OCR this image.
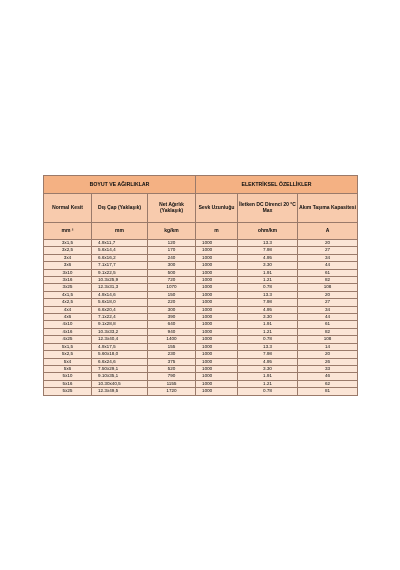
BOYUT VE AĞIRLIKLAR			ELEKTRİKSEL ÖZELLİKLER		
Normal Kesit	Dış Çap (Yaklaşık)	Net Ağırlık (Yaklaşık)	Sevk Uzunluğu	İletken DC Direnci 20 °C Max	Akım Taşıma Kapasitesi
mm ²	mm	kg/km	m	ohm/km	A
3x1,5	4.9x11,7	120	1000	13.3	20
3x2,5	5.6x14,4	170	1000	7.98	27
3x4	6.6x16,2	240	1000	4.95	34
3x6	7.1x17,7	300	1000	3.30	44
3x10	9.1x22,5	500	1000	1.91	61
3x16	10.3x25,9	720	1000	1.21	82
3x25	12.3x31,3	1070	1000	0.78	108
4x1,5	4.9x14,6	150	1000	13.3	20
4x2,5	5.6x18,0	220	1000	7.98	27
4x4	6.6x20,4	300	1000	4.95	34
4x6	7.1x22,4	390	1000	3.30	44
4x10	9.1x28,8	640	1000	1.91	61
4x16	10.3x33,2	940	1000	1.21	82
4x25	12.3x40,4	1400	1000	0.78	108
5x1,5	4.9x17,5	155	1000	13.3	14
5x2,5	5.60x18,0	230	1000	7.98	20
5x4	6.6x24,6	375	1000	4.95	26
5x6	7.50x29,1	520	1000	3.30	33
5x10	9.10x35,1	790	1000	1.91	46
5x16	10.30x40,5	1155	1000	1.21	62
5x25	12.3x49,5	1720	1000	0.78	81
